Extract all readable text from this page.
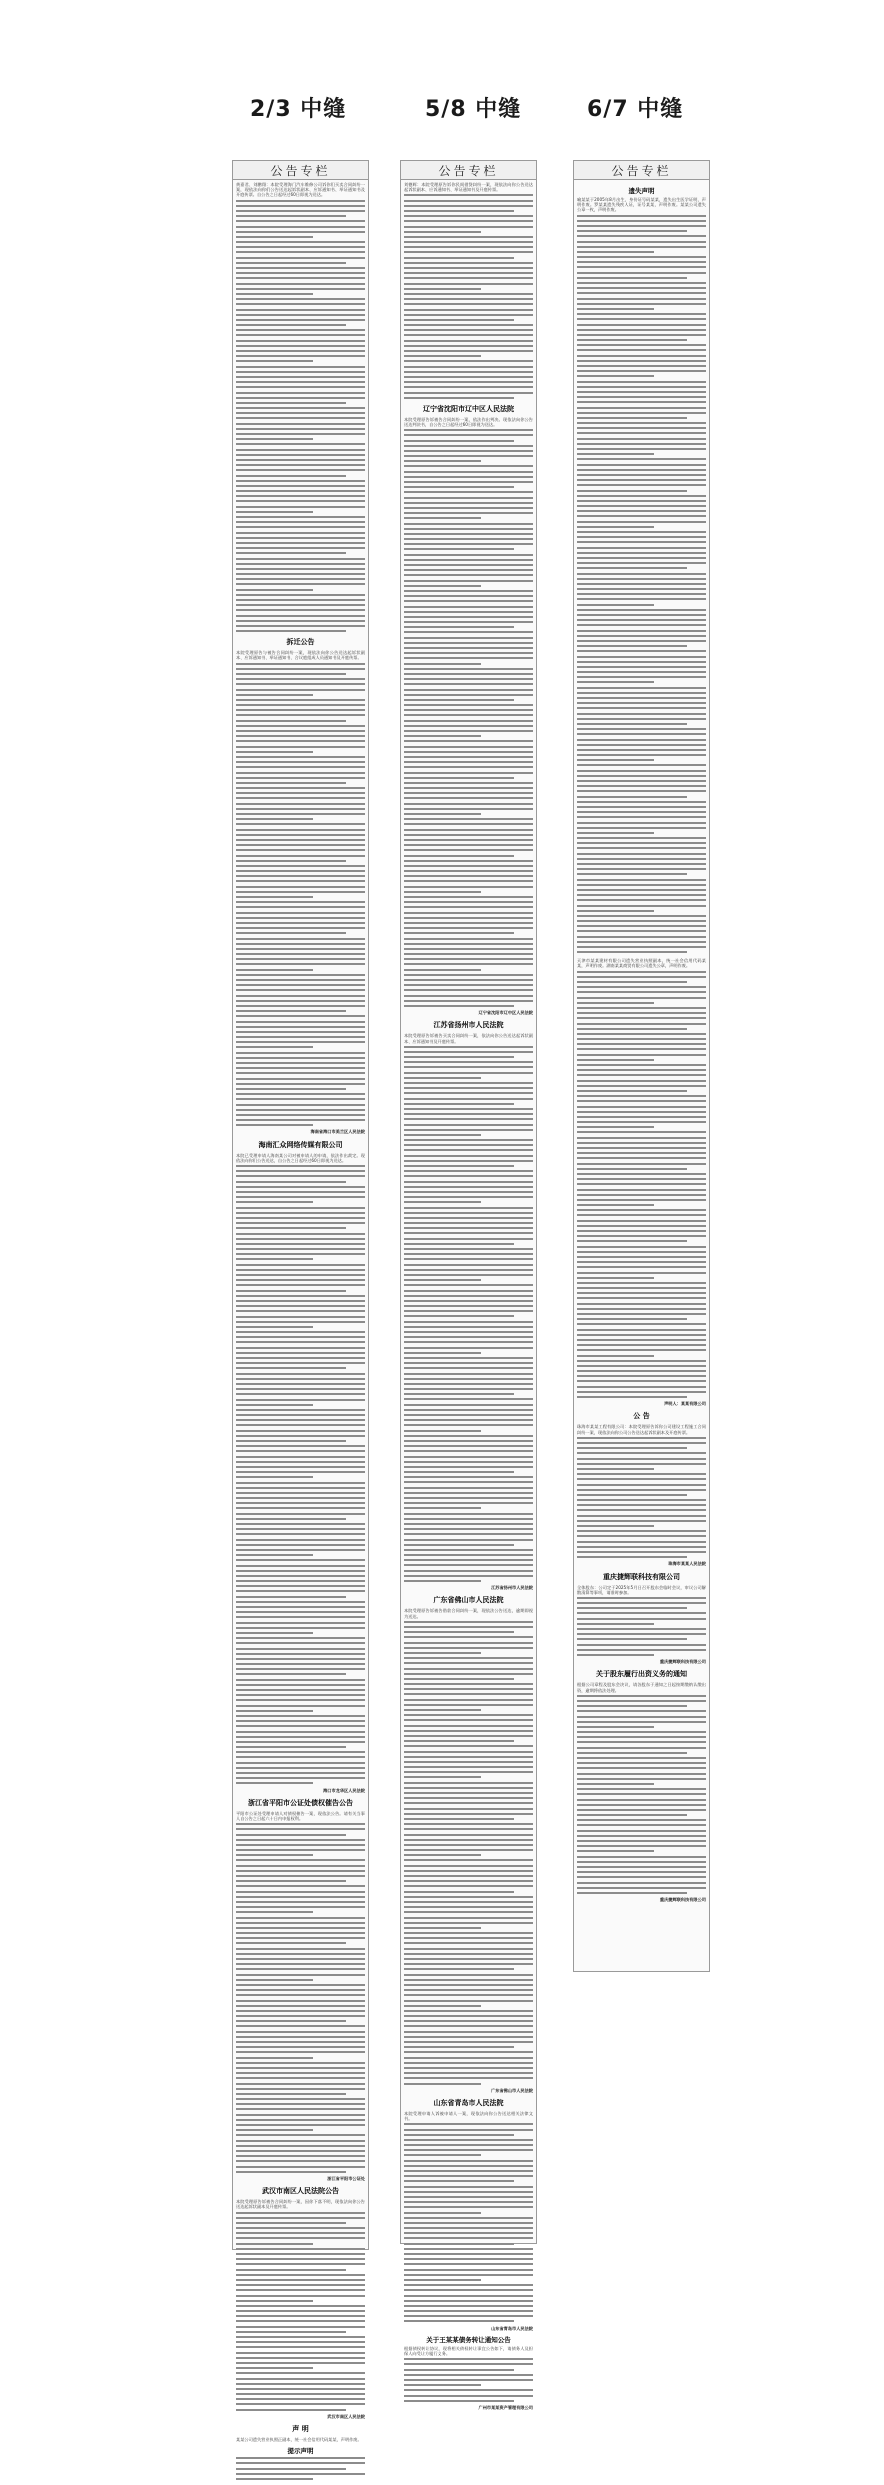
2/3 中缝	5/8 中缝	6/7 中缝
公告专栏

黄嘉君、刘鹏翔：本院受理海门汽车维修公司诉你们买卖合同纠纷一案，现依法向你们公告送达起诉状副本、应诉通知书、举证通知书及开庭传票。自公告之日起经过60日即视为送达。

拆迁公告

本院受理原告与被告合同纠纷一案，现依法向你公告送达起诉状副本、应诉通知书、举证通知书、合议庭组成人员通知书及开庭传票。

海南省海口市美兰区人民法院
海南汇众网络传媒有限公司

本院已受理申请人海南某公司对被申请人的申请，依法作出裁定。现依法向你们公告送达，自公告之日起经过60日即视为送达。

海口市龙华区人民法院
浙江省平阳市公证处债权催告公告

平阳市公证处受理申请人对债权催告一案，现依法公告。请有关当事人自公告之日起六十日内申报权利。

浙江省平阳市公证处
武汉市南区人民法院公告

本院受理原告诉被告合同纠纷一案，因你下落不明，现依法向你公告送达起诉状副本及开庭传票。

武汉市南区人民法院
声 明

某某公司遗失营业执照正副本，统一社会信用代码某某，声明作废。

提示声明
公告专栏

刘德辉：本院受理原告诉你民间借贷纠纷一案，现依法向你公告送达起诉状副本、应诉通知书、举证通知书及开庭传票。

辽宁省沈阳市辽中区人民法院

本院受理原告诉被告合同纠纷一案，依法作出判决。现依法向你公告送达判决书，自公告之日起经过60日即视为送达。

辽宁省沈阳市辽中区人民法院
江苏省扬州市人民法院

本院受理原告诉被告买卖合同纠纷一案，依法向你公告送达起诉状副本、应诉通知书及开庭传票。

江苏省扬州市人民法院
广东省佛山市人民法院

本院受理原告诉被告借款合同纠纷一案，现依法公告送达，逾期即视为送达。

广东省佛山市人民法院
山东省青岛市人民法院

本院受理申请人诉被申请人一案，现依法向你公告送达相关法律文书。

山东省青岛市人民法院
关于王某某债务转让通知公告

根据债权转让协议，现将相关债权转让事宜公告如下，请债务人及担保人向受让方履行义务。

广州市某某资产管理有限公司
公告专栏
遗失声明

喻某某于2005年8月出生，身份证号码某某，遗失出生医学证明，声明作废。罗某某遗失残疾人证，证号某某，声明作废。某某公司遗失公章一枚，声明作废。

天津市某某建材有限公司遗失营业执照副本，统一社会信用代码某某，声明作废。湖南某某商贸有限公司遗失公章，声明作废。

声明人：某某有限公司
公 告

珠海市某某工程有限公司：本院受理原告诉你公司建设工程施工合同纠纷一案，现依法向你公司公告送达起诉状副本及开庭传票。

珠海市某某人民法院
重庆捷辉联科技有限公司

全体股东：公司定于2025年5月日召开股东会临时会议，审议公司解散清算等事项，请准时参加。

重庆捷辉联科技有限公司
关于股东履行出资义务的通知

根据公司章程及股东会决议，请各股东于通知之日起按期缴纳认缴出资，逾期将依法处理。

重庆捷辉联科技有限公司
